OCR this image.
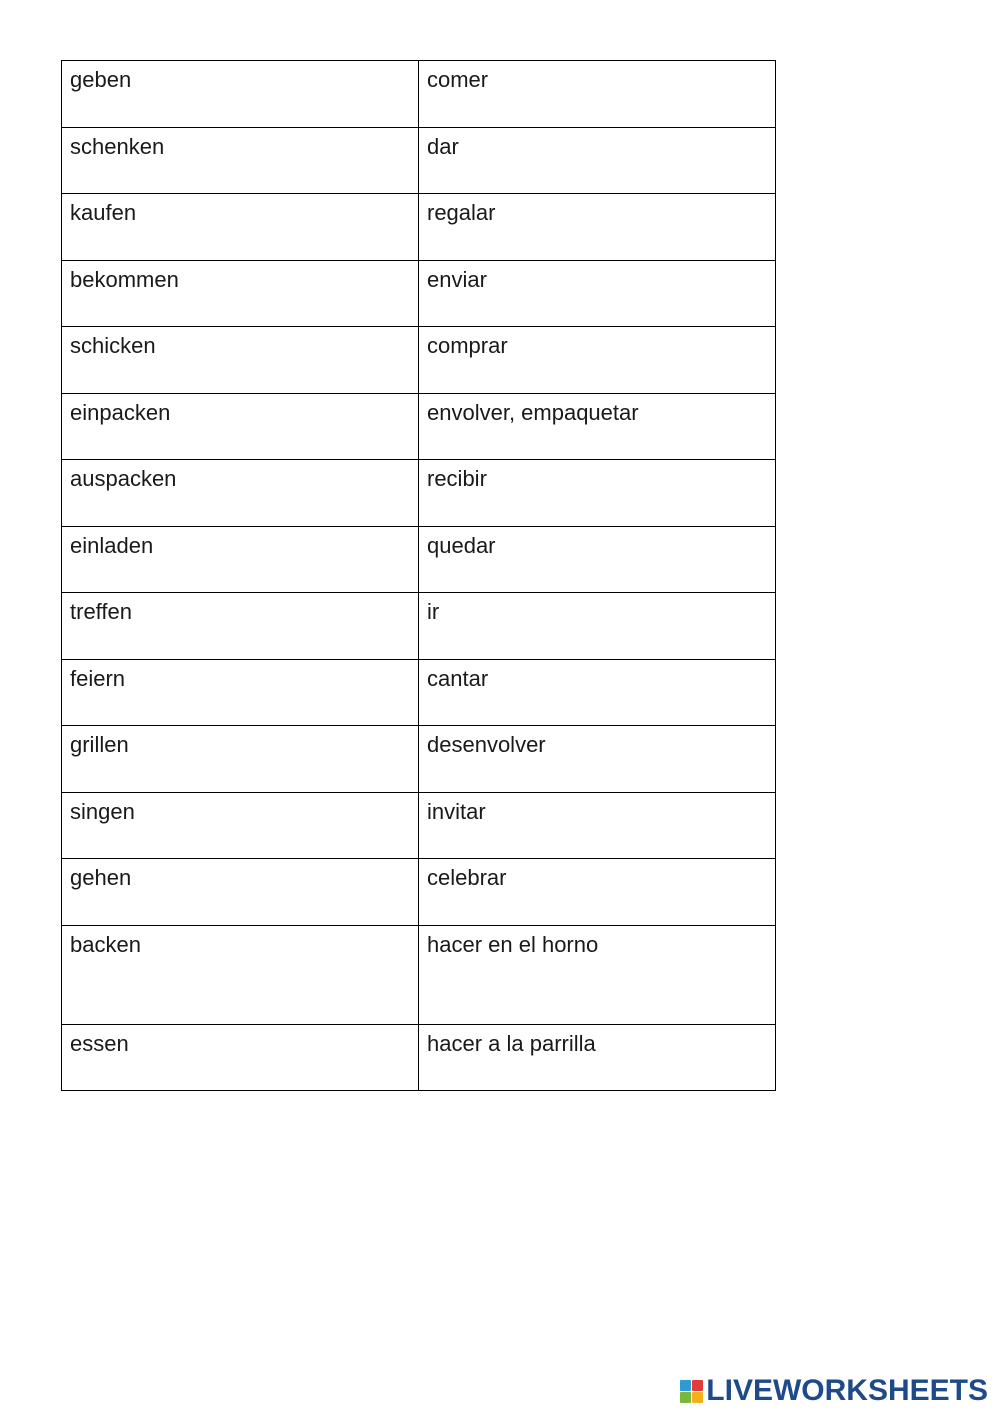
geben	comer
schenken	dar
kaufen	regalar
bekommen	enviar
schicken	comprar
einpacken	envolver, empaquetar
auspacken	recibir
einladen	quedar
treffen	ir
feiern	cantar
grillen	desenvolver
singen	invitar
gehen	celebrar
backen	hacer en el horno
essen	hacer a la parrilla
LIVEWORKSHEETS
